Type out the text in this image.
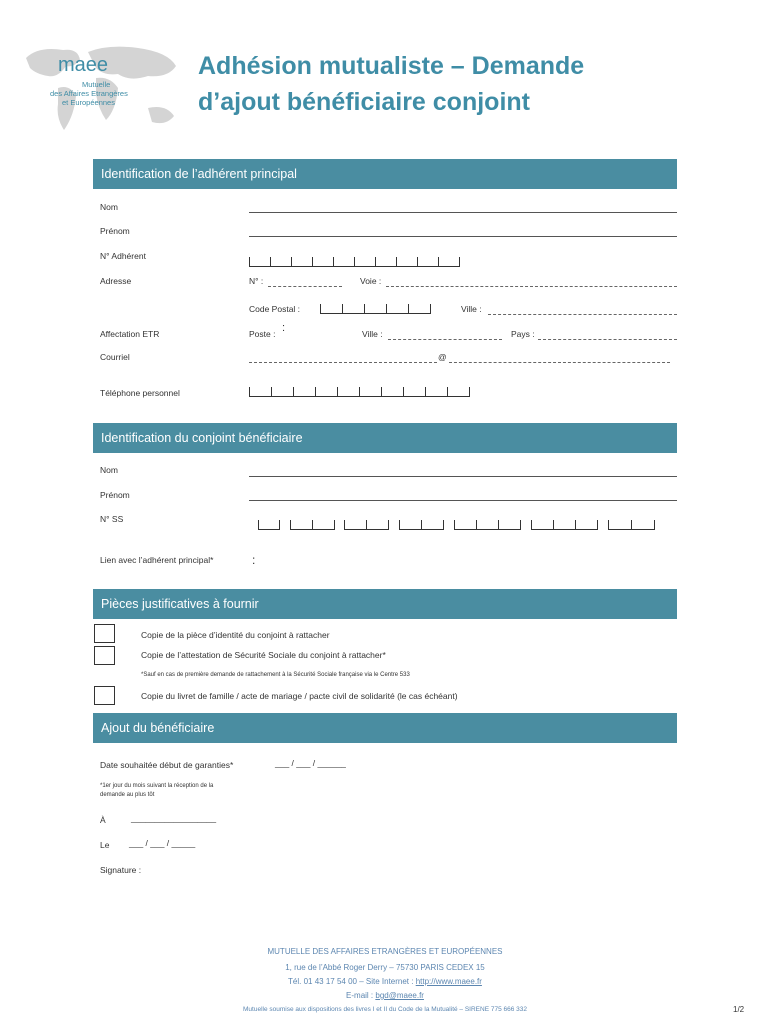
maee
Mutuelle
des Affaires Etrangères
et Européennes
Adhésion mutualiste – Demande
d’ajout bénéficiaire conjoint
Identification de l’adhérent principal
Nom
Prénom
N° Adhérent
Adresse	N° :	Voie :
Code Postal :	Ville :
Affectation ETR	Poste : :	Ville :	Pays :
Courriel	@
Téléphone personnel
Identification du conjoint bénéficiaire
Nom
Prénom
N° SS
Lien avec l’adhérent principal*	:
Pièces justificatives à fournir
Copie de la pièce d’identité du conjoint à rattacher
Copie de l’attestation de Sécurité Sociale du conjoint à rattacher*
*Sauf en cas de première demande de rattachement à la Sécurité Sociale française via le Centre 533
Copie du livret de famille / acte de mariage / pacte civil de solidarité (le cas échéant)
Ajout du bénéficiaire
Date souhaitée début de garanties*	___ / ___ / ______
*1er jour du mois suivant la réception de la
demande au plus tôt
À	__________________
Le ___ / ___ / _____
Signature :
MUTUELLE DES AFFAIRES ETRANGÈRES ET EUROPÉENNES
1, rue de l’Abbé Roger Derry – 75730 PARIS CEDEX 15
Tél. 01 43 17 54 00 – Site Internet : http://www.maee.fr
E-mail : bgd@maee.fr
Mutuelle soumise aux dispositions des livres I et II du Code de la Mutualité – SIRENE 775 666 332	1/2
